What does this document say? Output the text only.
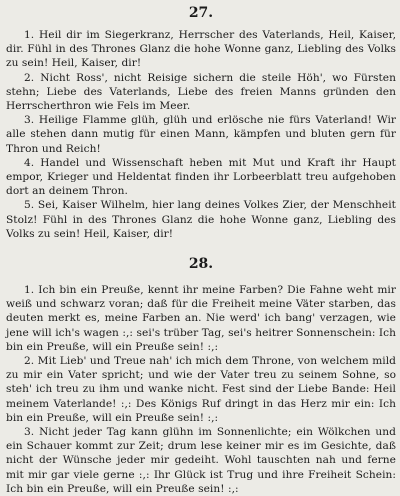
27.

1. Heil dir im Siegerkranz, Herrscher des Vaterlands, Heil, Kaiser, dir. Fühl in des Thrones Glanz die hohe Wonne ganz, Liebling des Volks zu sein! Heil, Kaiser, dir!

2. Nicht Ross', nicht Reisige sichern die steile Höh', wo Fürsten stehn; Liebe des Vaterlands, Liebe des freien Manns gründen den Herrscherthron wie Fels im Meer.

3. Heilige Flamme glüh, glüh und erlösche nie fürs Vaterland! Wir alle stehen dann mutig für einen Mann, kämpfen und bluten gern für Thron und Reich!

4. Handel und Wissenschaft heben mit Mut und Kraft ihr Haupt empor, Krieger und Heldentat finden ihr Lorbeerblatt treu aufgehoben dort an deinem Thron.

5. Sei, Kaiser Wilhelm, hier lang deines Volkes Zier, der Menschheit Stolz! Fühl in des Thrones Glanz die hohe Wonne ganz, Liebling des Volks zu sein! Heil, Kaiser, dir!

28.

1. Ich bin ein Preuße, kennt ihr meine Farben? Die Fahne weht mir weiß und schwarz voran; daß für die Freiheit meine Väter starben, das deuten merkt es, meine Farben an. Nie werd' ich bang' verzagen, wie jene will ich's wagen :,: sei's trüber Tag, sei's heitrer Sonnenschein: Ich bin ein Preuße, will ein Preuße sein! :,:

2. Mit Lieb' und Treue nah' ich mich dem Throne, von welchem mild zu mir ein Vater spricht; und wie der Vater treu zu seinem Sohne, so steh' ich treu zu ihm und wanke nicht. Fest sind der Liebe Bande: Heil meinem Vaterlande! :,: Des Königs Ruf dringt in das Herz mir ein: Ich bin ein Preuße, will ein Preuße sein! :,:

3. Nicht jeder Tag kann glühn im Sonnenlichte; ein Wölkchen und ein Schauer kommt zur Zeit; drum lese keiner mir es im Gesichte, daß nicht der Wünsche jeder mir gedeiht. Wohl tauschten nah und ferne mit mir gar viele gerne :,: Ihr Glück ist Trug und ihre Freiheit Schein: Ich bin ein Preuße, will ein Preuße sein! :,:
